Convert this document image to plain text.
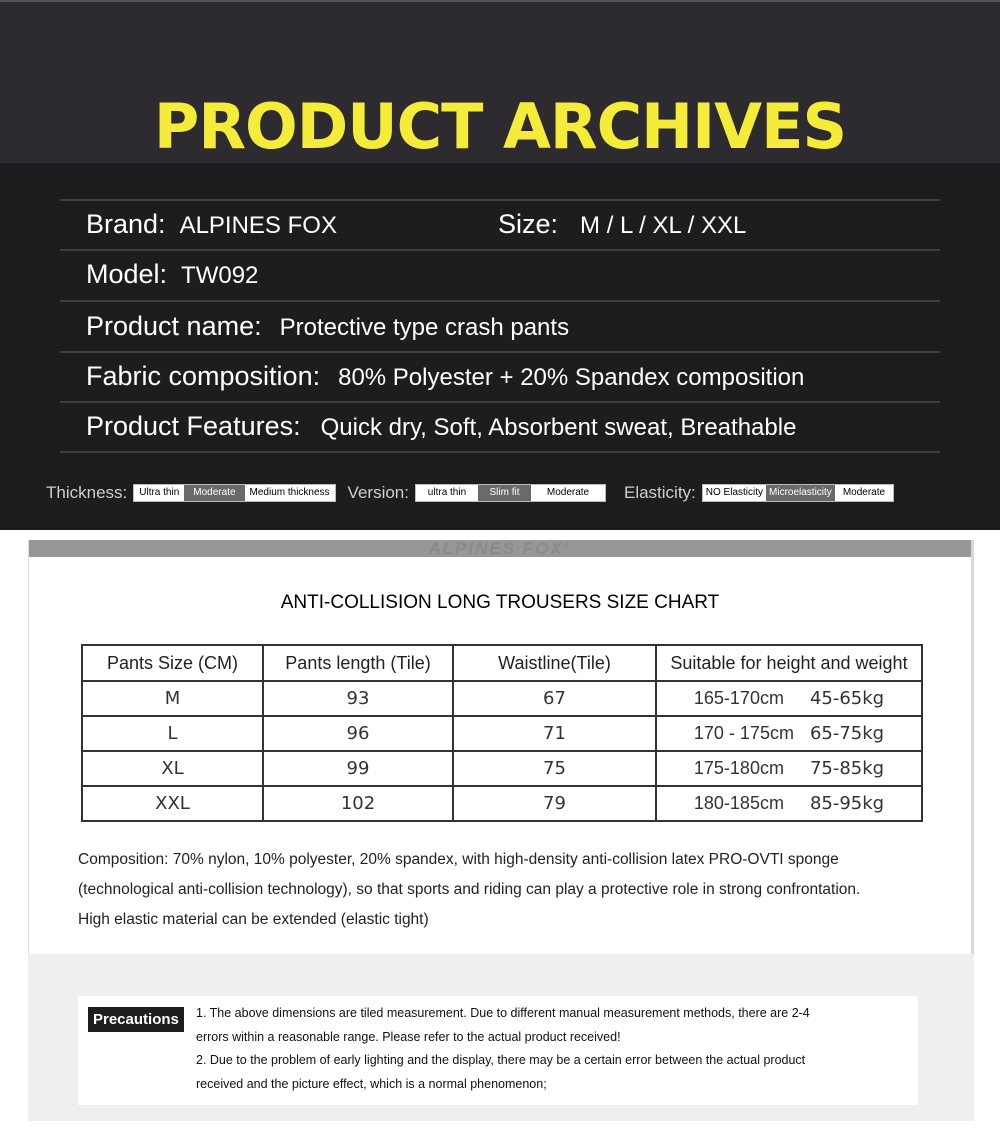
PRODUCT ARCHIVES
Brand: ALPINES FOX	Size: M / L / XL / XXL
Model: TW092
Product name: Protective type crash pants
Fabric composition: 80% Polyester + 20% Spandex composition
Product Features: Quick dry, Soft, Absorbent sweat, Breathable
Thickness:	Ultra thin	Moderate	Medium thickness Version:	ultra thin	Slim fit	Moderate	Elasticity:	NO Elasticity Microelasticity	Moderate
ALPINES FOX®
ANTI-COLLISION LONG TROUSERS SIZE CHART
Pants Size (CM)	Pants length (Tile)	Waistline(Tile)	Suitable for height and weight
M	93	67	165-170cm 45-65kg
L	96	71	170 - 175cm 65-75kg
XL	99	75	175-180cm 75-85kg
XXL	102	79	180-185cm 85-95kg
Composition: 70% nylon, 10% polyester, 20% spandex, with high-density anti-collision latex PRO-OVTI sponge
(technological anti-collision technology), so that sports and riding can play a protective role in strong confrontation.
High elastic material can be extended (elastic tight)
Precautions	1. The above dimensions are tiled measurement. Due to different manual measurement methods, there are 2-4
errors within a reasonable range. Please refer to the actual product received!
2. Due to the problem of early lighting and the display, there may be a certain error between the actual product
received and the picture effect, which is a normal phenomenon;
